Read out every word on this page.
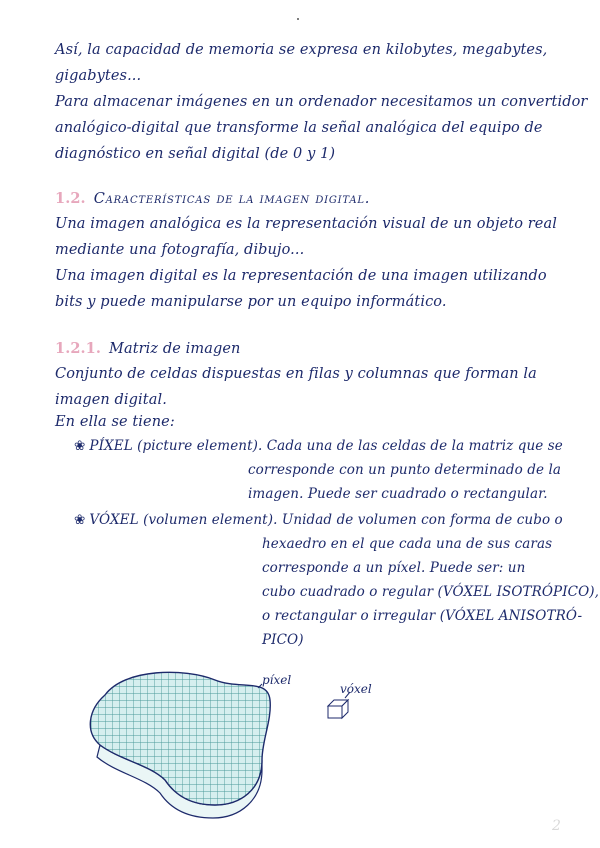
Así, la capacidad de memoria se expresa en kilobytes, megabytes,
gigabytes...
Para almacenar imágenes en un ordenador necesitamos un convertidor
analógico-digital que transforme la señal analógica del equipo de
diagnóstico en señal digital (de 0 y 1)
1.2. Características de la imagen digital.
Una imagen analógica es la representación visual de un objeto real
mediante una fotografía, dibujo...
Una imagen digital es la representación de una imagen utilizando
bits y puede manipularse por un equipo informático.
1.2.1. Matriz de imagen
Conjunto de celdas dispuestas en filas y columnas que forman la
imagen digital.
En ella se tiene:
❀ PÍXEL (picture element). Cada una de las celdas de la matriz que se
corresponde con un punto determinado de la
imagen. Puede ser cuadrado o rectangular.
❀ VÓXEL (volumen element). Unidad de volumen con forma de cubo o
hexaedro en el que cada una de sus caras
corresponde a un píxel. Puede ser: un
cubo cuadrado o regular (VÓXEL ISOTRÓPICO),
o rectangular o irregular (VÓXEL ANISOTRÓ-
PICO)
píxel
vóxel
2
